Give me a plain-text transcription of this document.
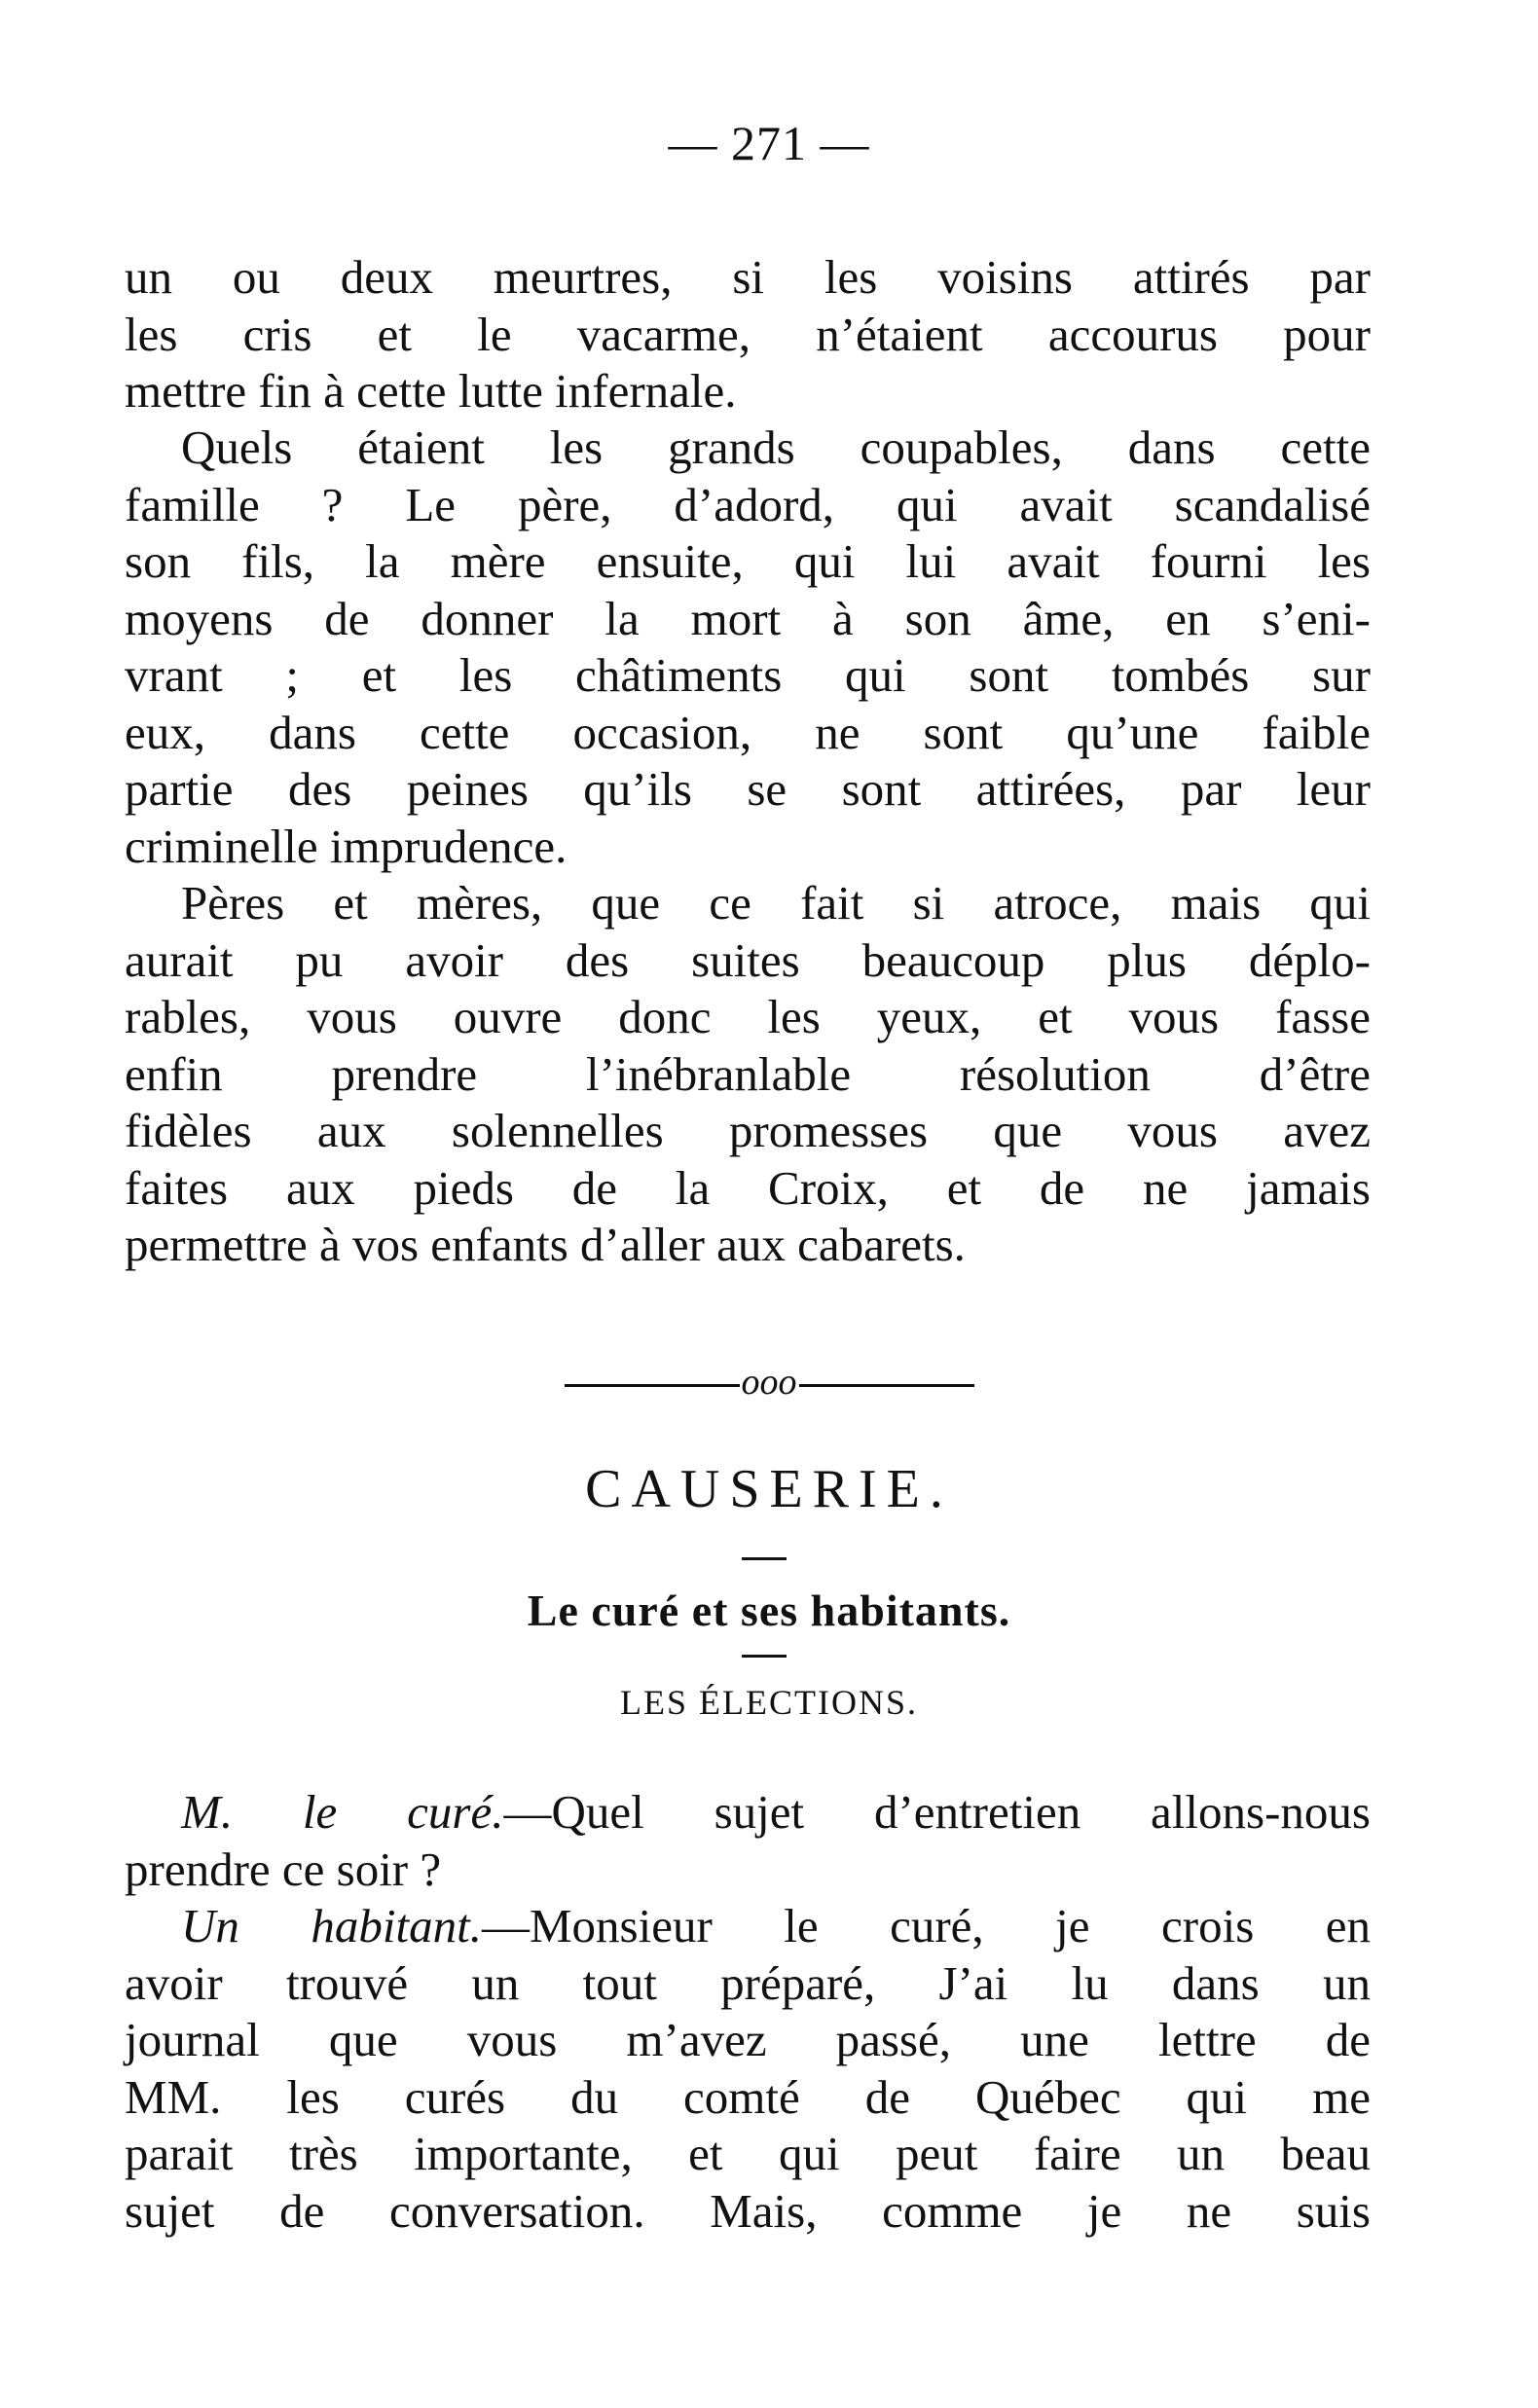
— 271 —
un ou deux meurtres, si les voisins attirés par
les cris et le vacarme, n’étaient accourus pour
mettre fin à cette lutte infernale.
Quels étaient les grands coupables, dans cette
famille ? Le père, d’adord, qui avait scandalisé
son fils, la mère ensuite, qui lui avait fourni les
moyens de donner la mort à son âme, en s’eni-
vrant ; et les châtiments qui sont tombés sur
eux, dans cette occasion, ne sont qu’une faible
partie des peines qu’ils se sont attirées, par leur
criminelle imprudence.
Pères et mères, que ce fait si atroce, mais qui
aurait pu avoir des suites beaucoup plus déplo-
rables, vous ouvre donc les yeux, et vous fasse
enfin prendre l’inébranlable résolution d’être
fidèles aux solennelles promesses que vous avez
faites aux pieds de la Croix, et de ne jamais
permettre à vos enfants d’aller aux cabarets.
ooo
CAUSERIE.
Le curé et ses habitants.
LES ÉLECTIONS.
M. le curé.—Quel sujet d’entretien allons-nous
prendre ce soir ?
Un habitant.—Monsieur le curé, je crois en
avoir trouvé un tout préparé, J’ai lu dans un
journal que vous m’avez passé, une lettre de
MM. les curés du comté de Québec qui me
parait très importante, et qui peut faire un beau
sujet de conversation. Mais, comme je ne suis
